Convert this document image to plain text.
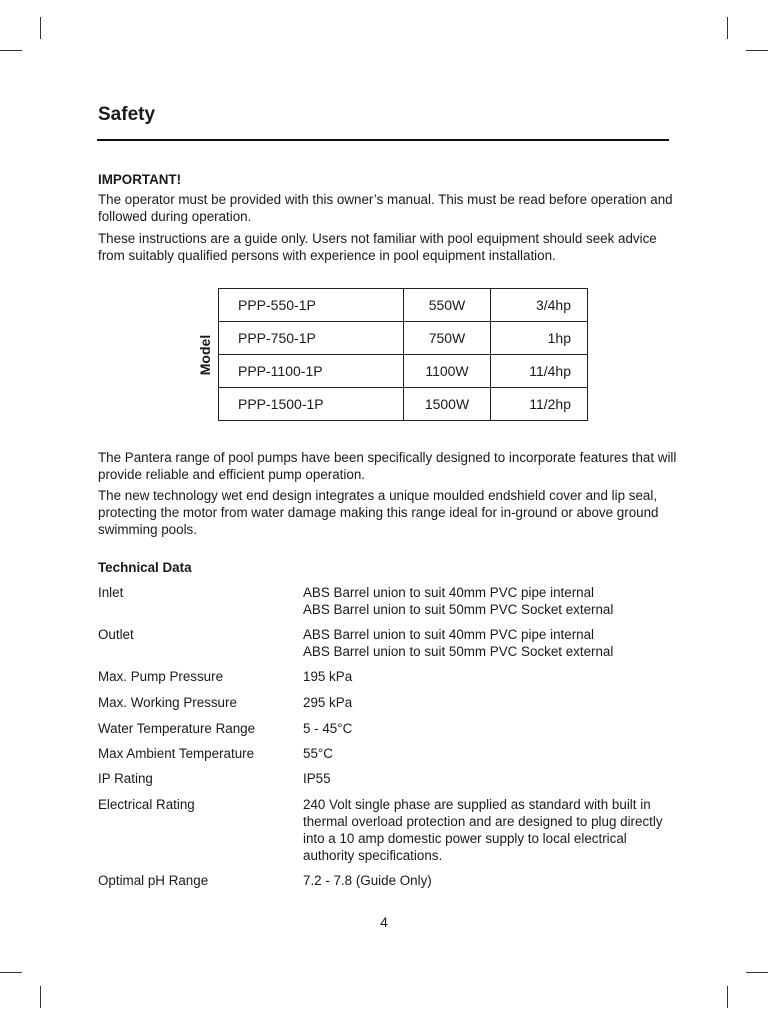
Safety

IMPORTANT!

The operator must be provided with this owner’s manual. This must be read before operation and followed during operation.

These instructions are a guide only. Users not familiar with pool equipment should seek advice from suitably qualified persons with experience in pool equipment installation.

Model
PPP-550-1P	550W	3/4hp
PPP-750-1P	750W	1hp
PPP-1100-1P	1100W	11/4hp
PPP-1500-1P	1500W	11/2hp

The Pantera range of pool pumps have been specifically designed to incorporate features that will provide reliable and efficient pump operation.

The new technology wet end design integrates a unique moulded endshield cover and lip seal, protecting the motor from water damage making this range ideal for in-ground or above ground swimming pools.

Technical Data

Inlet	ABS Barrel union to suit 40mm PVC pipe internal
ABS Barrel union to suit 50mm PVC Socket external
Outlet	ABS Barrel union to suit 40mm PVC pipe internal
ABS Barrel union to suit 50mm PVC Socket external
Max. Pump Pressure	195 kPa
Max. Working Pressure	295 kPa
Water Temperature Range	5 - 45°C
Max Ambient Temperature	55°C
IP Rating	IP55
Electrical Rating	240 Volt single phase are supplied as standard with built in thermal overload protection and are designed to plug directly into a 10 amp domestic power supply to local electrical authority specifications.
Optimal pH Range	7.2 - 7.8 (Guide Only)
4
